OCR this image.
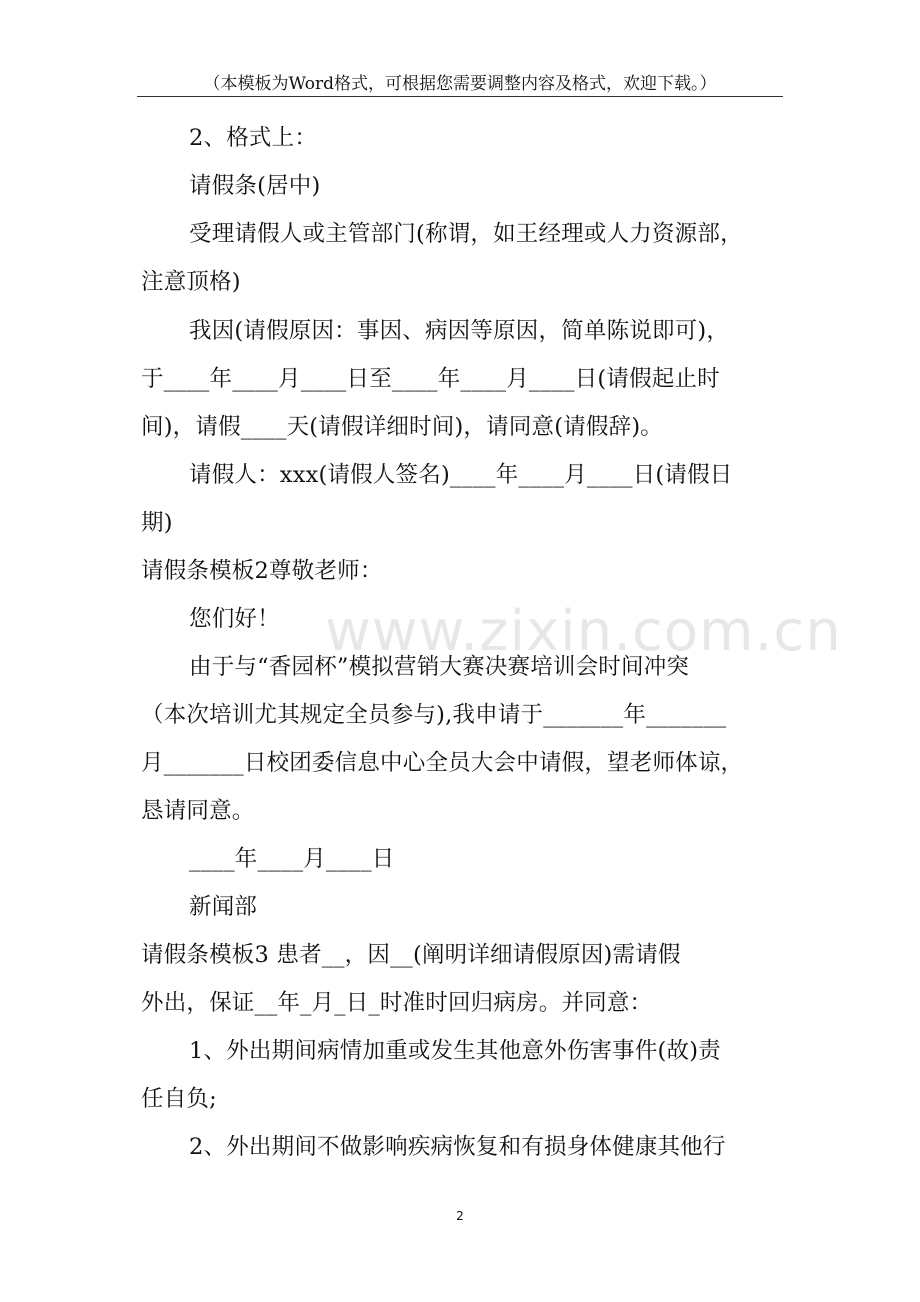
（本模板为Word格式，可根据您需要调整内容及格式，欢迎下载。）
2、格式上：
请假条(居中)
受理请假人或主管部门(称谓，如王经理或人力资源部，
注意顶格)
我因(请假原因：事因、病因等原因，简单陈说即可)，
于____年____月____日至____年____月____日(请假起止时
间)，请假____天(请假详细时间)，请同意(请假辞)。
请假人：xxx(请假人签名)____年____月____日(请假日
期)
请假条模板2尊敬老师：
您们好！
由于与“香园杯”模拟营销大赛决赛培训会时间冲突
（本次培训尤其规定全员参与),我申请于_______年_______
月_______日校团委信息中心全员大会中请假，望老师体谅，
恳请同意。
____年____月____日
新闻部
请假条模板3 患者__，因__(阐明详细请假原因)需请假
外出，保证__年_月_日_时准时回归病房。并同意：
1、外出期间病情加重或发生其他意外伤害事件(故)责
任自负;
2、外出期间不做影响疾病恢复和有损身体健康其他行
www.zixin.com.cn
2
